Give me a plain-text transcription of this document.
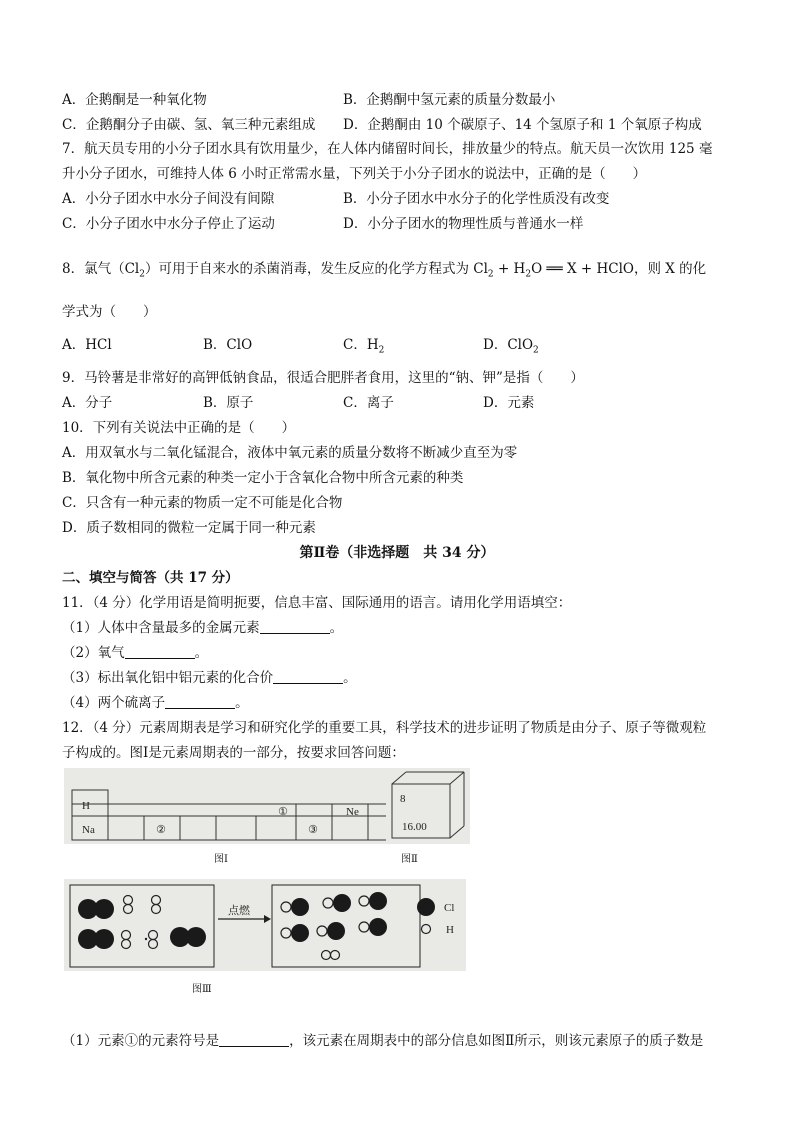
A．企鹅酮是一种氧化物	B．企鹅酮中氢元素的质量分数最小
C．企鹅酮分子由碳、氢、氧三种元素组成 D．企鹅酮由 10 个碳原子、14 个氢原子和 1 个氧原子构成
7．航天员专用的小分子团水具有饮用量少，在人体内储留时间长，排放量少的特点。航天员一次饮用 125 毫
升小分子团水，可维持人体 6 小时正常需水量，下列关于小分子团水的说法中，正确的是（　　）
A．小分子团水中水分子间没有间隙	B．小分子团水中水分子的化学性质没有改变
C．小分子团水中水分子停止了运动	D．小分子团水的物理性质与普通水一样
8．氯气$(Cl_2)$可用于自来水的杀菌消毒，发生反应的化学方程式为 $Cl_2 + H_2O$ ══ X + HClO，则 X 的化
学式为（　　）
A．HCl	B．ClO	C．$H_2$	D．ClO$_2$
9．马铃薯是非常好的高钾低钠食品，很适合肥胖者食用，这里的“钠、钾”是指（　　）
A．分子	B．原子	C．离子	D．元素
10．下列有关说法中正确的是（　　）
A．用双氧水与二氧化锰混合，液体中氧元素的质量分数将不断减少直至为零
B．氧化物中所含元素的种类一定小于含氧化合物中所含元素的种类
C．只含有一种元素的物质一定不可能是化合物
D．质子数相同的微粒一定属于同一种元素
第Ⅱ卷（非选择题　共 34 分）
二、填空与简答（共 17 分）
11．（4 分）化学用语是简明扼要，信息丰富、国际通用的语言。请用化学用语填空：
（1）人体中含量最多的金属元素	。
（2）氧气	。
（3）标出氧化铝中铝元素的化合价	。
（4）两个硫离子	。
12．（4 分）元素周期表是学习和研究化学的重要工具，科学技术的进步证明了物质是由分子、原子等微观粒
子构成的。图Ⅰ是元素周期表的一部分，按要求回答问题：
H
Na	②
①
③
Ne
8
16.00
图Ⅰ	图Ⅱ
点燃	Cl
H
图Ⅲ
（1）元素①的元素符号是	，该元素在周期表中的部分信息如图Ⅱ所示，则该元素原子的质子数是
